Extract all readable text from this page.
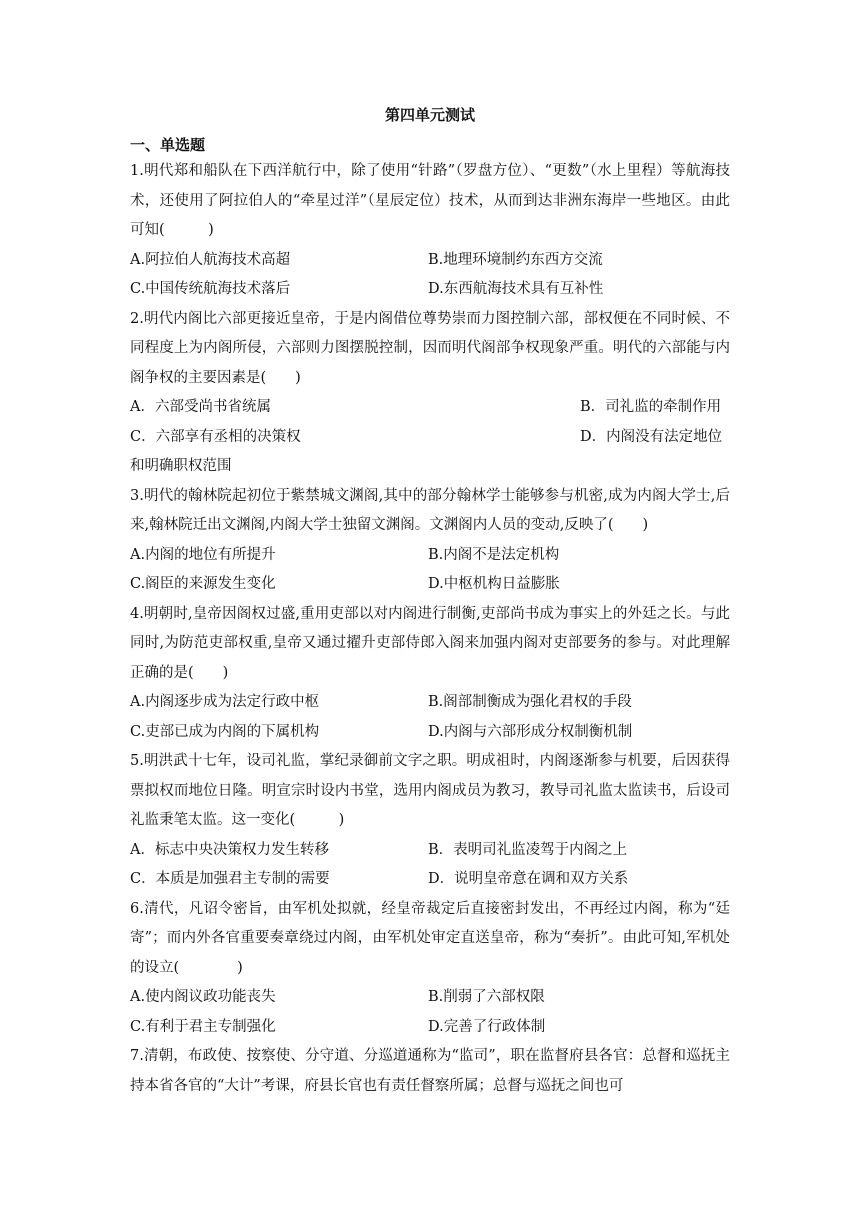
第四单元测试
一、单选题
1.明代郑和船队在下西洋航行中，除了使用“针路”（罗盘方位）、“更数”（水上里程）等航海技术，还使用了阿拉伯人的“牵星过洋”（星辰定位）技术，从而到达非洲东海岸一些地区。由此可知(　　　)
A.阿拉伯人航海技术高超	B.地理环境制约东西方交流
C.中国传统航海技术落后	D.东西航海技术具有互补性
2.明代内阁比六部更接近皇帝，于是内阁借位尊势崇而力图控制六部，部权便在不同时候、不同程度上为内阁所侵，六部则力图摆脱控制，因而明代阁部争权现象严重。明代的六部能与内阁争权的主要因素是(　　)
A．六部受尚书省统属	B．司礼监的牵制作用
C．六部享有丞相的决策权	D．内阁没有法定地位
和明确职权范围
3.明代的翰林院起初位于紫禁城文渊阁,其中的部分翰林学士能够参与机密,成为内阁大学士,后来,翰林院迁出文渊阁,内阁大学士独留文渊阁。文渊阁内人员的变动,反映了(　　)
A.内阁的地位有所提升	B.内阁不是法定机构
C.阁臣的来源发生变化	D.中枢机构日益膨胀
4.明朝时,皇帝因阁权过盛,重用吏部以对内阁进行制衡,吏部尚书成为事实上的外廷之长。与此同时,为防范吏部权重,皇帝又通过擢升吏部侍郎入阁来加强内阁对吏部要务的参与。对此理解正确的是(　　)
A.内阁逐步成为法定行政中枢	B.阁部制衡成为强化君权的手段
C.吏部已成为内阁的下属机构	D.内阁与六部形成分权制衡机制
5.明洪武十七年，设司礼监，掌纪录御前文字之职。明成祖时，内阁逐渐参与机要，后因获得票拟权而地位日隆。明宣宗时设内书堂，选用内阁成员为教习，教导司礼监太监读书，后设司礼监秉笔太监。这一变化(　　　)
A．标志中央决策权力发生转移	B．表明司礼监凌驾于内阁之上
C．本质是加强君主专制的需要	D．说明皇帝意在调和双方关系
6.清代，凡诏令密旨，由军机处拟就，经皇帝裁定后直接密封发出，不再经过内阁，称为“廷寄”；而内外各官重要奏章绕过内阁，由军机处审定直送皇帝，称为“奏折”。由此可知,军机处的设立(　　　　)
A.使内阁议政功能丧失	B.削弱了六部权限
C.有利于君主专制强化	D.完善了行政体制
7.清朝，布政使、按察使、分守道、分巡道通称为“监司”，职在监督府县各官：总督和巡抚主持本省各官的“大计”考课，府县长官也有责任督察所属；总督与巡抚之间也可
